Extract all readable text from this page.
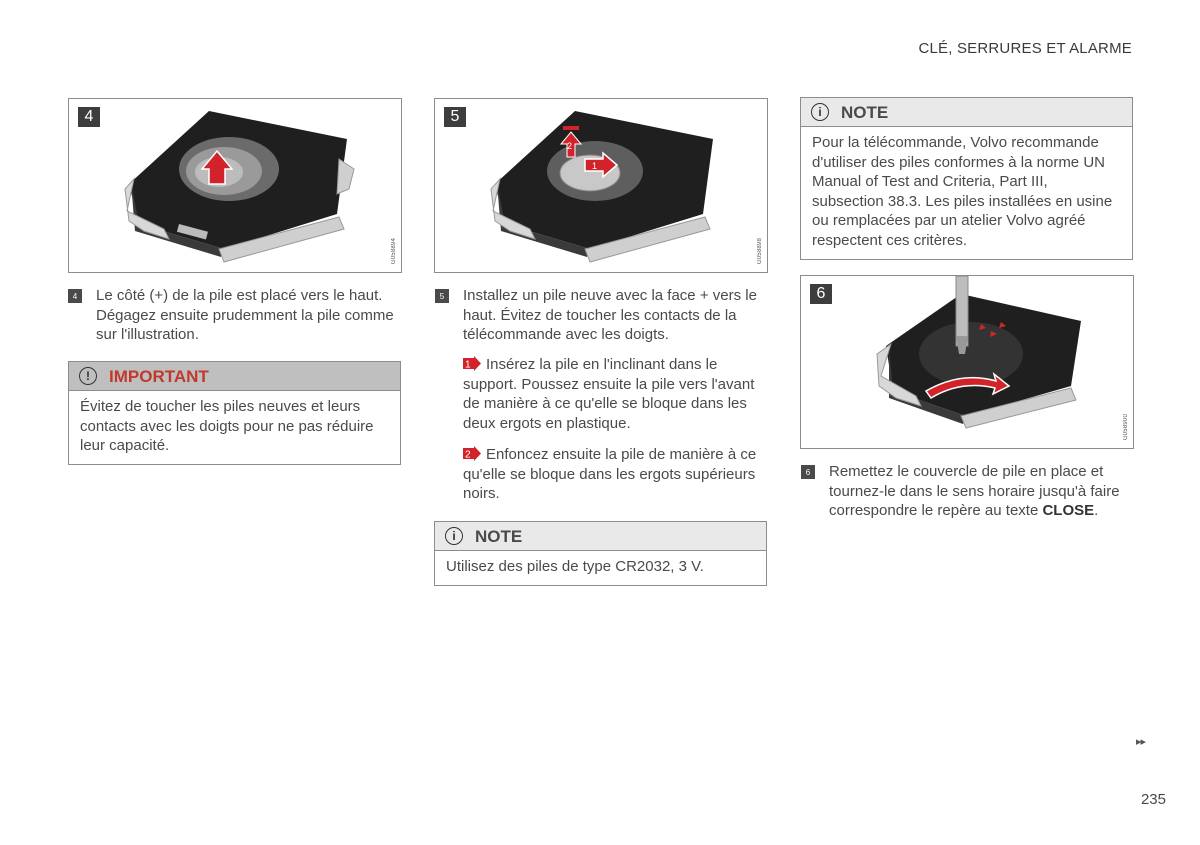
CLÉ, SERRURES ET ALARME
4
G058894
2
1
5
G058898
4	Le côté (+) de la pile est placé vers le haut. Dégagez ensuite prudemment la pile comme sur l'illustration.
!	IMPORTANT
Évitez de toucher les piles neuves et leurs contacts avec les doigts pour ne pas réduire leur capacité.
5	Installez un pile neuve avec la face + vers le haut. Évitez de toucher les contacts de la télécommande avec les doigts.
1 Insérez la pile en l'inclinant dans le support. Poussez ensuite la pile vers l'avant de manière à ce qu'elle se bloque dans les deux ergots en plastique.
2 Enfoncez ensuite la pile de manière à ce qu'elle se bloque dans les ergots supérieurs noirs.
i	NOTE
Utilisez des piles de type CR2032, 3 V.
i	NOTE
Pour la télécommande, Volvo recommande d'utiliser des piles conformes à la norme UN Manual of Test and Criteria, Part III, subsection 38.3. Les piles installées en usine ou remplacées par un atelier Volvo agréé respectent ces critères.
6
G058900
6	Remettez le couvercle de pile en place et tournez-le dans le sens horaire jusqu'à faire correspondre le repère au texte CLOSE.
▸▸
235
